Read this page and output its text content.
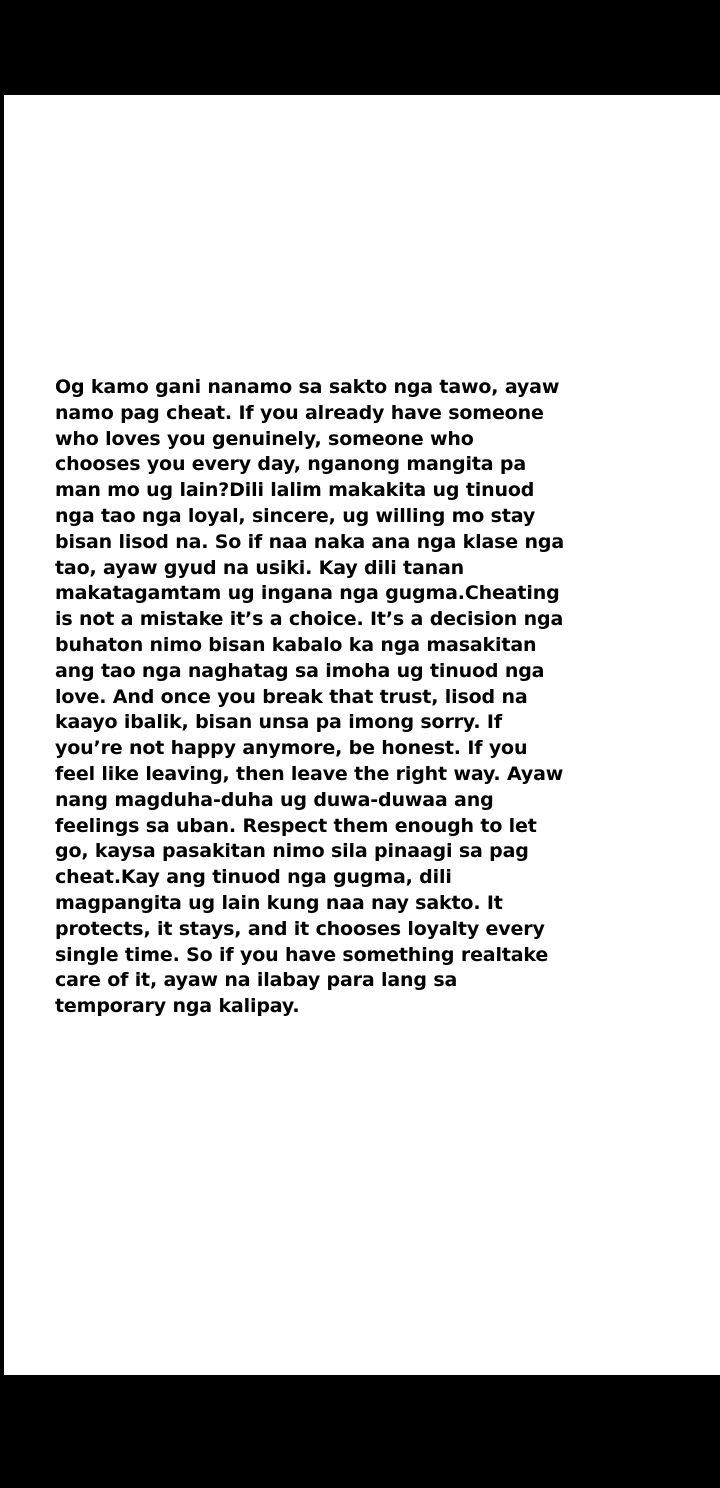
Og kamo gani nanamo sa sakto nga tawo, ayaw
namo pag cheat. If you already have someone
who loves you genuinely, someone who
chooses you every day, nganong mangita pa
man mo ug lain?Dili lalim makakita ug tinuod
nga tao nga loyal, sincere, ug willing mo stay
bisan lisod na. So if naa naka ana nga klase nga
tao, ayaw gyud na usiki. Kay dili tanan
makatagamtam ug ingana nga gugma.Cheating
is not a mistake it’s a choice. It’s a decision nga
buhaton nimo bisan kabalo ka nga masakitan
ang tao nga naghatag sa imoha ug tinuod nga
love. And once you break that trust, lisod na
kaayo ibalik, bisan unsa pa imong sorry. If
you’re not happy anymore, be honest. If you
feel like leaving, then leave the right way. Ayaw
nang magduha-duha ug duwa-duwaa ang
feelings sa uban. Respect them enough to let
go, kaysa pasakitan nimo sila pinaagi sa pag
cheat.Kay ang tinuod nga gugma, dili
magpangita ug lain kung naa nay sakto. It
protects, it stays, and it chooses loyalty every
single time. So if you have something realtake
care of it, ayaw na ilabay para lang sa
temporary nga kalipay.
